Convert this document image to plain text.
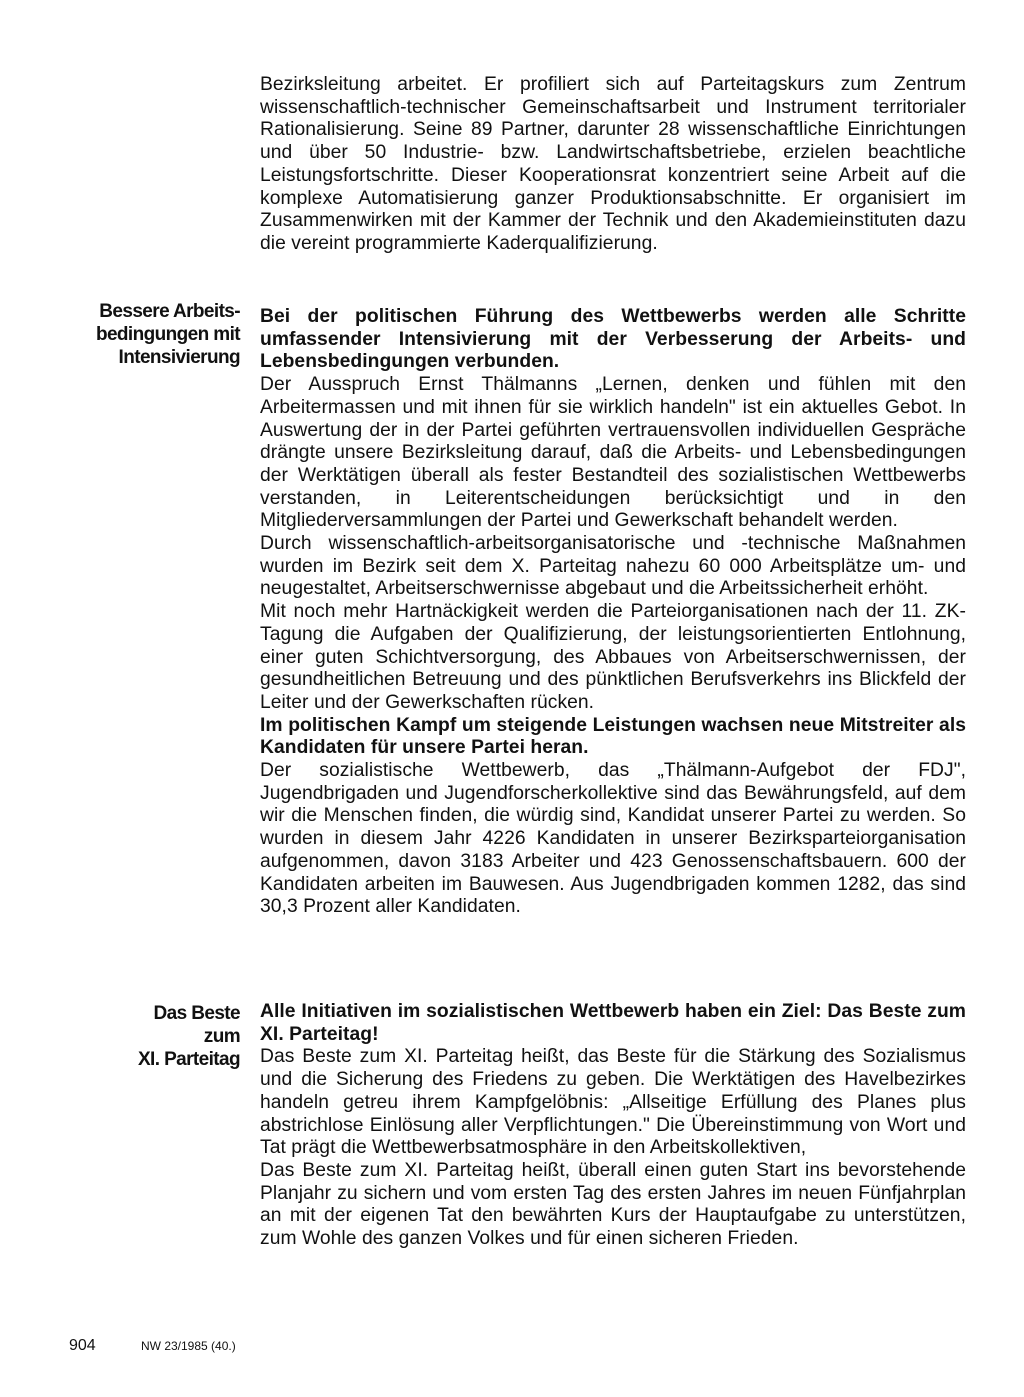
Bezirksleitung arbeitet. Er profiliert sich auf Parteitagskurs zum Zentrum wissenschaftlich-technischer Gemeinschaftsarbeit und Instrument territorialer Rationalisierung. Seine 89 Partner, darunter 28 wissenschaftliche Einrichtungen und über 50 Industrie- bzw. Landwirtschaftsbetriebe, erzielen beachtliche Leistungsfortschritte. Dieser Kooperationsrat konzentriert seine Arbeit auf die komplexe Automatisierung ganzer Produktionsabschnitte. Er organisiert im Zusammenwirken mit der Kammer der Technik und den Akademieinstituten dazu die vereint programmierte Kaderqualifizierung.

Bessere Arbeits-
bedingungen mit
Intensivierung

Bei der politischen Führung des Wettbewerbs werden alle Schritte umfassender Intensivierung mit der Verbesserung der Arbeits- und Lebensbedingungen verbunden.

Der Ausspruch Ernst Thälmanns „Lernen, denken und fühlen mit den Arbeitermassen und mit ihnen für sie wirklich handeln" ist ein aktuelles Gebot. In Auswertung der in der Partei geführten vertrauensvollen individuellen Gespräche drängte unsere Bezirksleitung darauf, daß die Arbeits- und Lebensbedingungen der Werktätigen überall als fester Bestandteil des sozialistischen Wettbewerbs verstanden, in Leiterentscheidungen berücksichtigt und in den Mitgliederversammlungen der Partei und Gewerkschaft behandelt werden.

Durch wissenschaftlich-arbeitsorganisatorische und -technische Maßnahmen wurden im Bezirk seit dem X. Parteitag nahezu 60 000 Arbeitsplätze um- und neugestaltet, Arbeitserschwernisse abgebaut und die Arbeitssicherheit erhöht.

Mit noch mehr Hartnäckigkeit werden die Parteiorganisationen nach der 11. ZK-Tagung die Aufgaben der Qualifizierung, der leistungsorientierten Entlohnung, einer guten Schichtversorgung, des Abbaues von Arbeitserschwernissen, der gesundheitlichen Betreuung und des pünktlichen Berufsverkehrs ins Blickfeld der Leiter und der Gewerkschaften rücken.

Im politischen Kampf um steigende Leistungen wachsen neue Mitstreiter als Kandidaten für unsere Partei heran.

Der sozialistische Wettbewerb, das „Thälmann-Aufgebot der FDJ", Jugendbrigaden und Jugendforscherkollektive sind das Bewährungsfeld, auf dem wir die Menschen finden, die würdig sind, Kandidat unserer Partei zu werden. So wurden in diesem Jahr 4226 Kandidaten in unserer Bezirksparteiorganisation aufgenommen, davon 3183 Arbeiter und 423 Genossenschaftsbauern. 600 der Kandidaten arbeiten im Bauwesen. Aus Jugendbrigaden kommen 1282, das sind 30,3 Prozent aller Kandidaten.

Das Beste
zum
XI. Parteitag

Alle Initiativen im sozialistischen Wettbewerb haben ein Ziel: Das Beste zum XI. Parteitag!

Das Beste zum XI. Parteitag heißt, das Beste für die Stärkung des Sozialismus und die Sicherung des Friedens zu geben. Die Werktätigen des Havelbezirkes handeln getreu ihrem Kampfgelöbnis: „Allseitige Erfüllung des Planes plus abstrichlose Einlösung aller Verpflichtungen." Die Übereinstimmung von Wort und Tat prägt die Wettbewerbsatmosphäre in den Arbeitskollektiven,

Das Beste zum XI. Parteitag heißt, überall einen guten Start ins bevorstehende Planjahr zu sichern und vom ersten Tag des ersten Jahres im neuen Fünfjahrplan an mit der eigenen Tat den bewährten Kurs der Hauptaufgabe zu unterstützen, zum Wohle des ganzen Volkes und für einen sicheren Frieden.

904	NW 23/1985 (40.)
